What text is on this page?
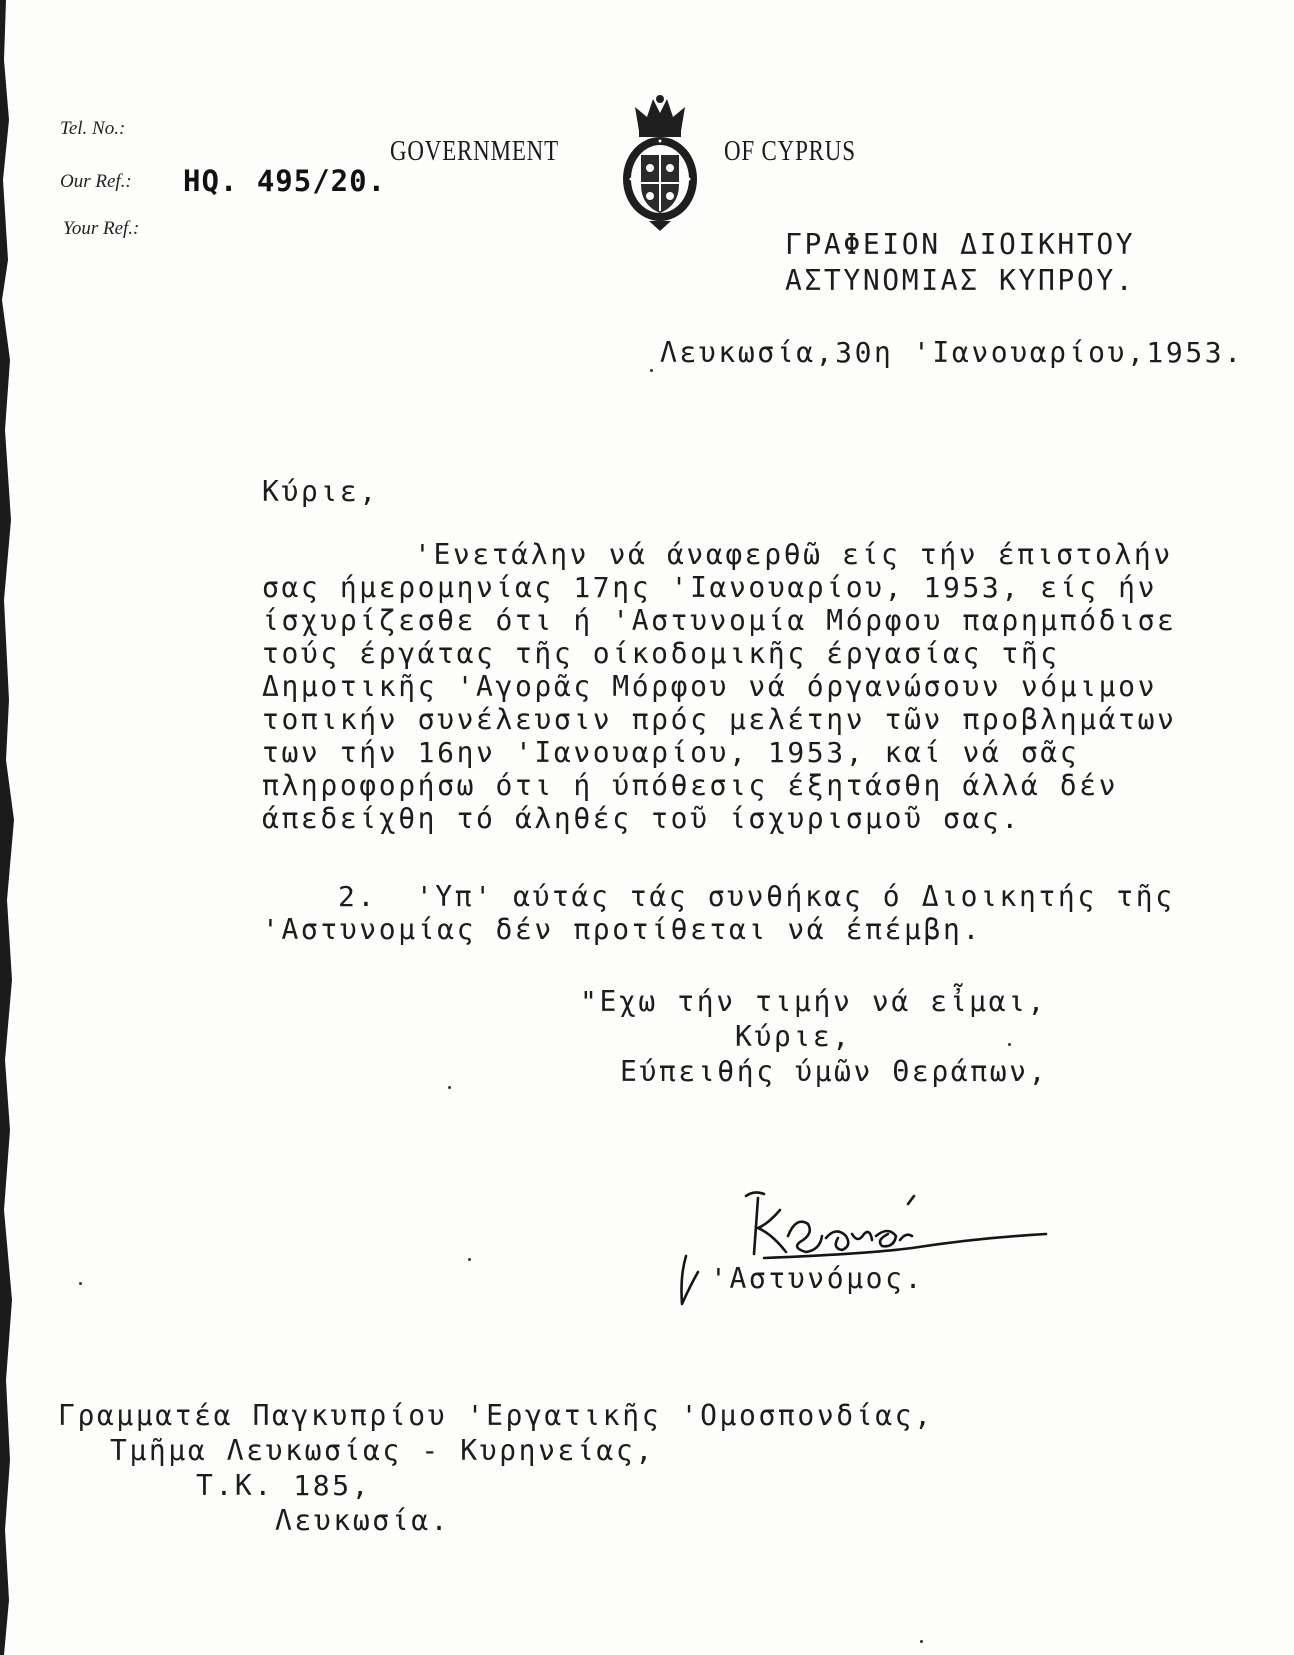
Tel. No.:
Our Ref.: HQ. 495/20.
Your Ref.:
GOVERNMENT	OF CYPRUS
ΓΡΑΦΕΙΟΝ ΔΙΟΙΚΗΤΟΥ
ΑΣΤΥΝΟΜΙΑΣ ΚΥΠΡΟΥ.
Λευκωσία,30η 'Ιανουαρίου,1953.
Κύριε,
'Ενετάλην νά άναφερθῶ είς τήν έπιστολήν
σας ήμερομηνίας 17ης 'Ιανουαρίου, 1953, είς ήν
ίσχυρίζεσθε ότι ή 'Αστυνομία Μόρφου παρημπόδισε
τούς έργάτας τῆς οίκοδομικῆς έργασίας τῆς
Δημοτικῆς 'Αγορᾶς Μόρφου νά όργανώσουν νόμιμον
τοπικήν συνέλευσιν πρός μελέτην τῶν προβλημάτων
των τήν 16ην 'Ιανουαρίου, 1953, καί νά σᾶς
πληροφορήσω ότι ή ύπόθεσις έξητάσθη άλλά δέν
άπεδείχθη τό άληθές τοῦ ίσχυρισμοῦ σας.
2.  'Υπ' αύτάς τάς συνθήκας ό Διοικητής τῆς
'Αστυνομίας δέν προτίθεται νά έπέμβη.
"Εχω τήν τιμήν νά εἶμαι,
Κύριε,
Εύπειθής ύμῶν Θεράπων,
'Αστυνόμος.
Γραμματέα Παγκυπρίου 'Εργατικῆς 'Ομοσπονδίας,
Τμῆμα Λευκωσίας - Κυρηνείας,
Τ.Κ. 185,
Λευκωσία.
